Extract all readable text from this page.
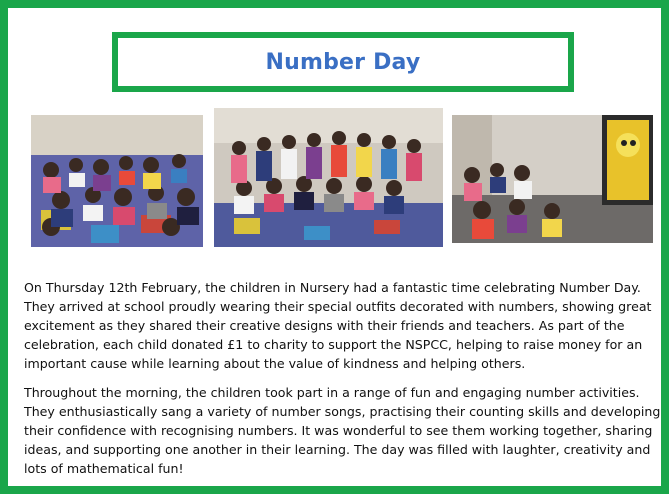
Number Day

On Thursday 12th February, the children in Nursery had a fantastic time celebrating Number Day. They arrived at school proudly wearing their special outfits decorated with numbers, showing great excitement as they shared their creative designs with their friends and teachers. As part of the celebration, each child donated £1 to charity to support the NSPCC, helping to raise money for an important cause while learning about the value of kindness and helping others.

Throughout the morning, the children took part in a range of fun and engaging number activities. They enthusiastically sang a variety of number songs, practising their counting skills and developing their confidence with recognising numbers. It was wonderful to see them working together, sharing ideas, and supporting one another in their learning. The day was filled with laughter, creativity and lots of mathematical fun!
